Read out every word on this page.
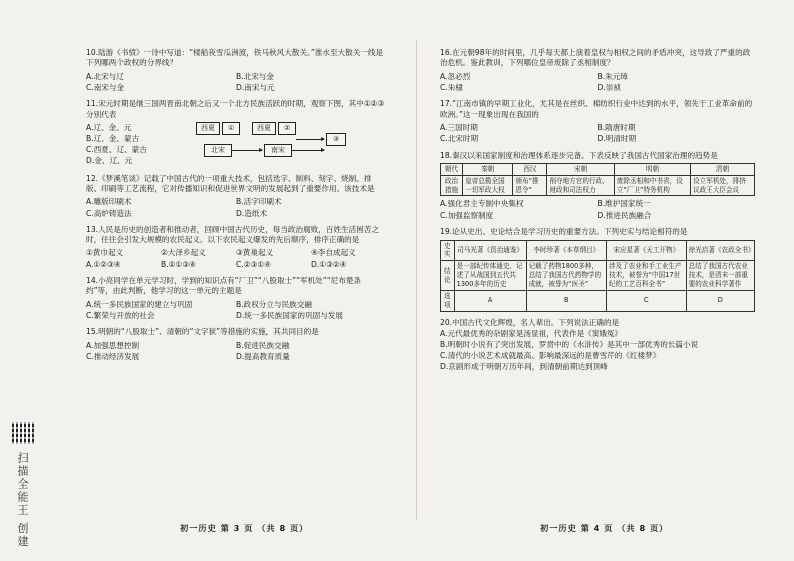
10.陆游《书愤》一诗中写道：“楼船夜雪瓜洲渡，铁马秋风大散关。”淮水至大散关一线是下列哪两个政权的分界线？
A.北宋与辽	B.北宋与金
C.南宋与金	D.南宋与元
11.宋元时期是继三国两晋南北朝之后又一个北方民族活跃的时期，观察下图，其中①②③分别代表
A.辽、金、元
B.辽、金、蒙古
C.西夏、辽、蒙古
D.金、辽、元
西夏	①	西夏	②
北宋	南宋
③
12.《梦溪笔谈》记载了中国古代的一项重大技术，包括选字、制料、刻字、烧制、排版、印刷等工艺流程，它对传播知识和促进世界文明的发展起到了重要作用。该技术是
A.雕版印刷术	B.活字印刷术
C.高炉铸造法	D.造纸术
13.人民是历史的创造者和推动者，回顾中国古代历史，每当政治腐败，百姓生活困苦之时，往往会引发大规模的农民起义。以下农民起义爆发的先后顺序，排序正确的是
①黄巾起义	②大泽乡起义	③黄巢起义	④李自成起义
A.①②③④	B.②①③④	C.②③①④	D.①③②④
14.小亮同学在单元学习时，学到的知识点有“厂卫”“八股取士”“军机处”“尼布楚条约”等，由此判断，他学习的这一单元的主题是
A.统一多民族国家的建立与巩固	B.政权分立与民族交融
C.繁荣与开放的社会	D.统一多民族国家的巩固与发展
15.明朝的“八股取士”、清朝的“文字狱”等措施的实施，其共同目的是
A.加强思想控制	B.促进民族交融
C.推动经济发展	D.提高教育质量
16.在元朝98年的时间里，几乎每天都上演着皇权与相权之间的矛盾冲突，这导致了严重的政治危机。鉴此教训，下列哪位皇帝废除了丞相制度？
A.忽必烈	B.朱元璋
C.朱棣	D.崇祯
17.“江南市镇的早期工业化，尤其是在丝织、棉纺织行业中达到的水平，领先于工业革命前的欧洲。”这一现象出现在我国的
A.三国时期	B.隋唐时期
C.北宋时期	D.明清时期
18.秦汉以来国家制度和治理体系逐步完备。下表反映了我国古代国家治理的趋势是
朝代	秦朝	西汉	宋朝	明朝	清朝
政治措施	皇帝总揽全国一切军政大权	颁布“推恩令”	削夺地方官的行政、财政和司法权力	废除丞相和中书省，设立“厂卫”特务机构	设立军机处，排挤议政王大臣会议
A.强化君主专制中央集权	B.维护国家统一
C.加强监察制度	D.推进民族融合
19.论从史出、史论结合是学习历史的重要方法。下列史实与结论相符的是
史实	司马光著《资治通鉴》	李时珍著《本草纲目》	宋应星著《天工开物》	徐光启著《农政全书》
结论	是一部纪传体通史，记述了从战国到五代共1300多年的历史	记载了药物1800多种，总结了我国古代药物学的成就，被誉为“医圣”	涉及了农业和手工业生产技术，被誉为“中国17世纪的工艺百科全书”	总结了我国古代农业技术，是清末一部重要的农业科学著作
选项	A	B	C	D
20.中国古代文化辉煌，名人辈出。下列说法正确的是
A.元代最优秀的杂剧家是汤显祖，代表作是《窦娥冤》
B.明朝时小说有了突出发展，罗贯中的《水浒传》是其中一部优秀的长篇小说
C.清代的小说艺术成就最高、影响最深远的是曹雪芹的《红楼梦》
D.京剧形成于明朝万历年间，到清朝前期达到顶峰
初一历史 第 3 页 （共 8 页）	初一历史 第 4 页 （共 8 页）
扫描全能王 创建
